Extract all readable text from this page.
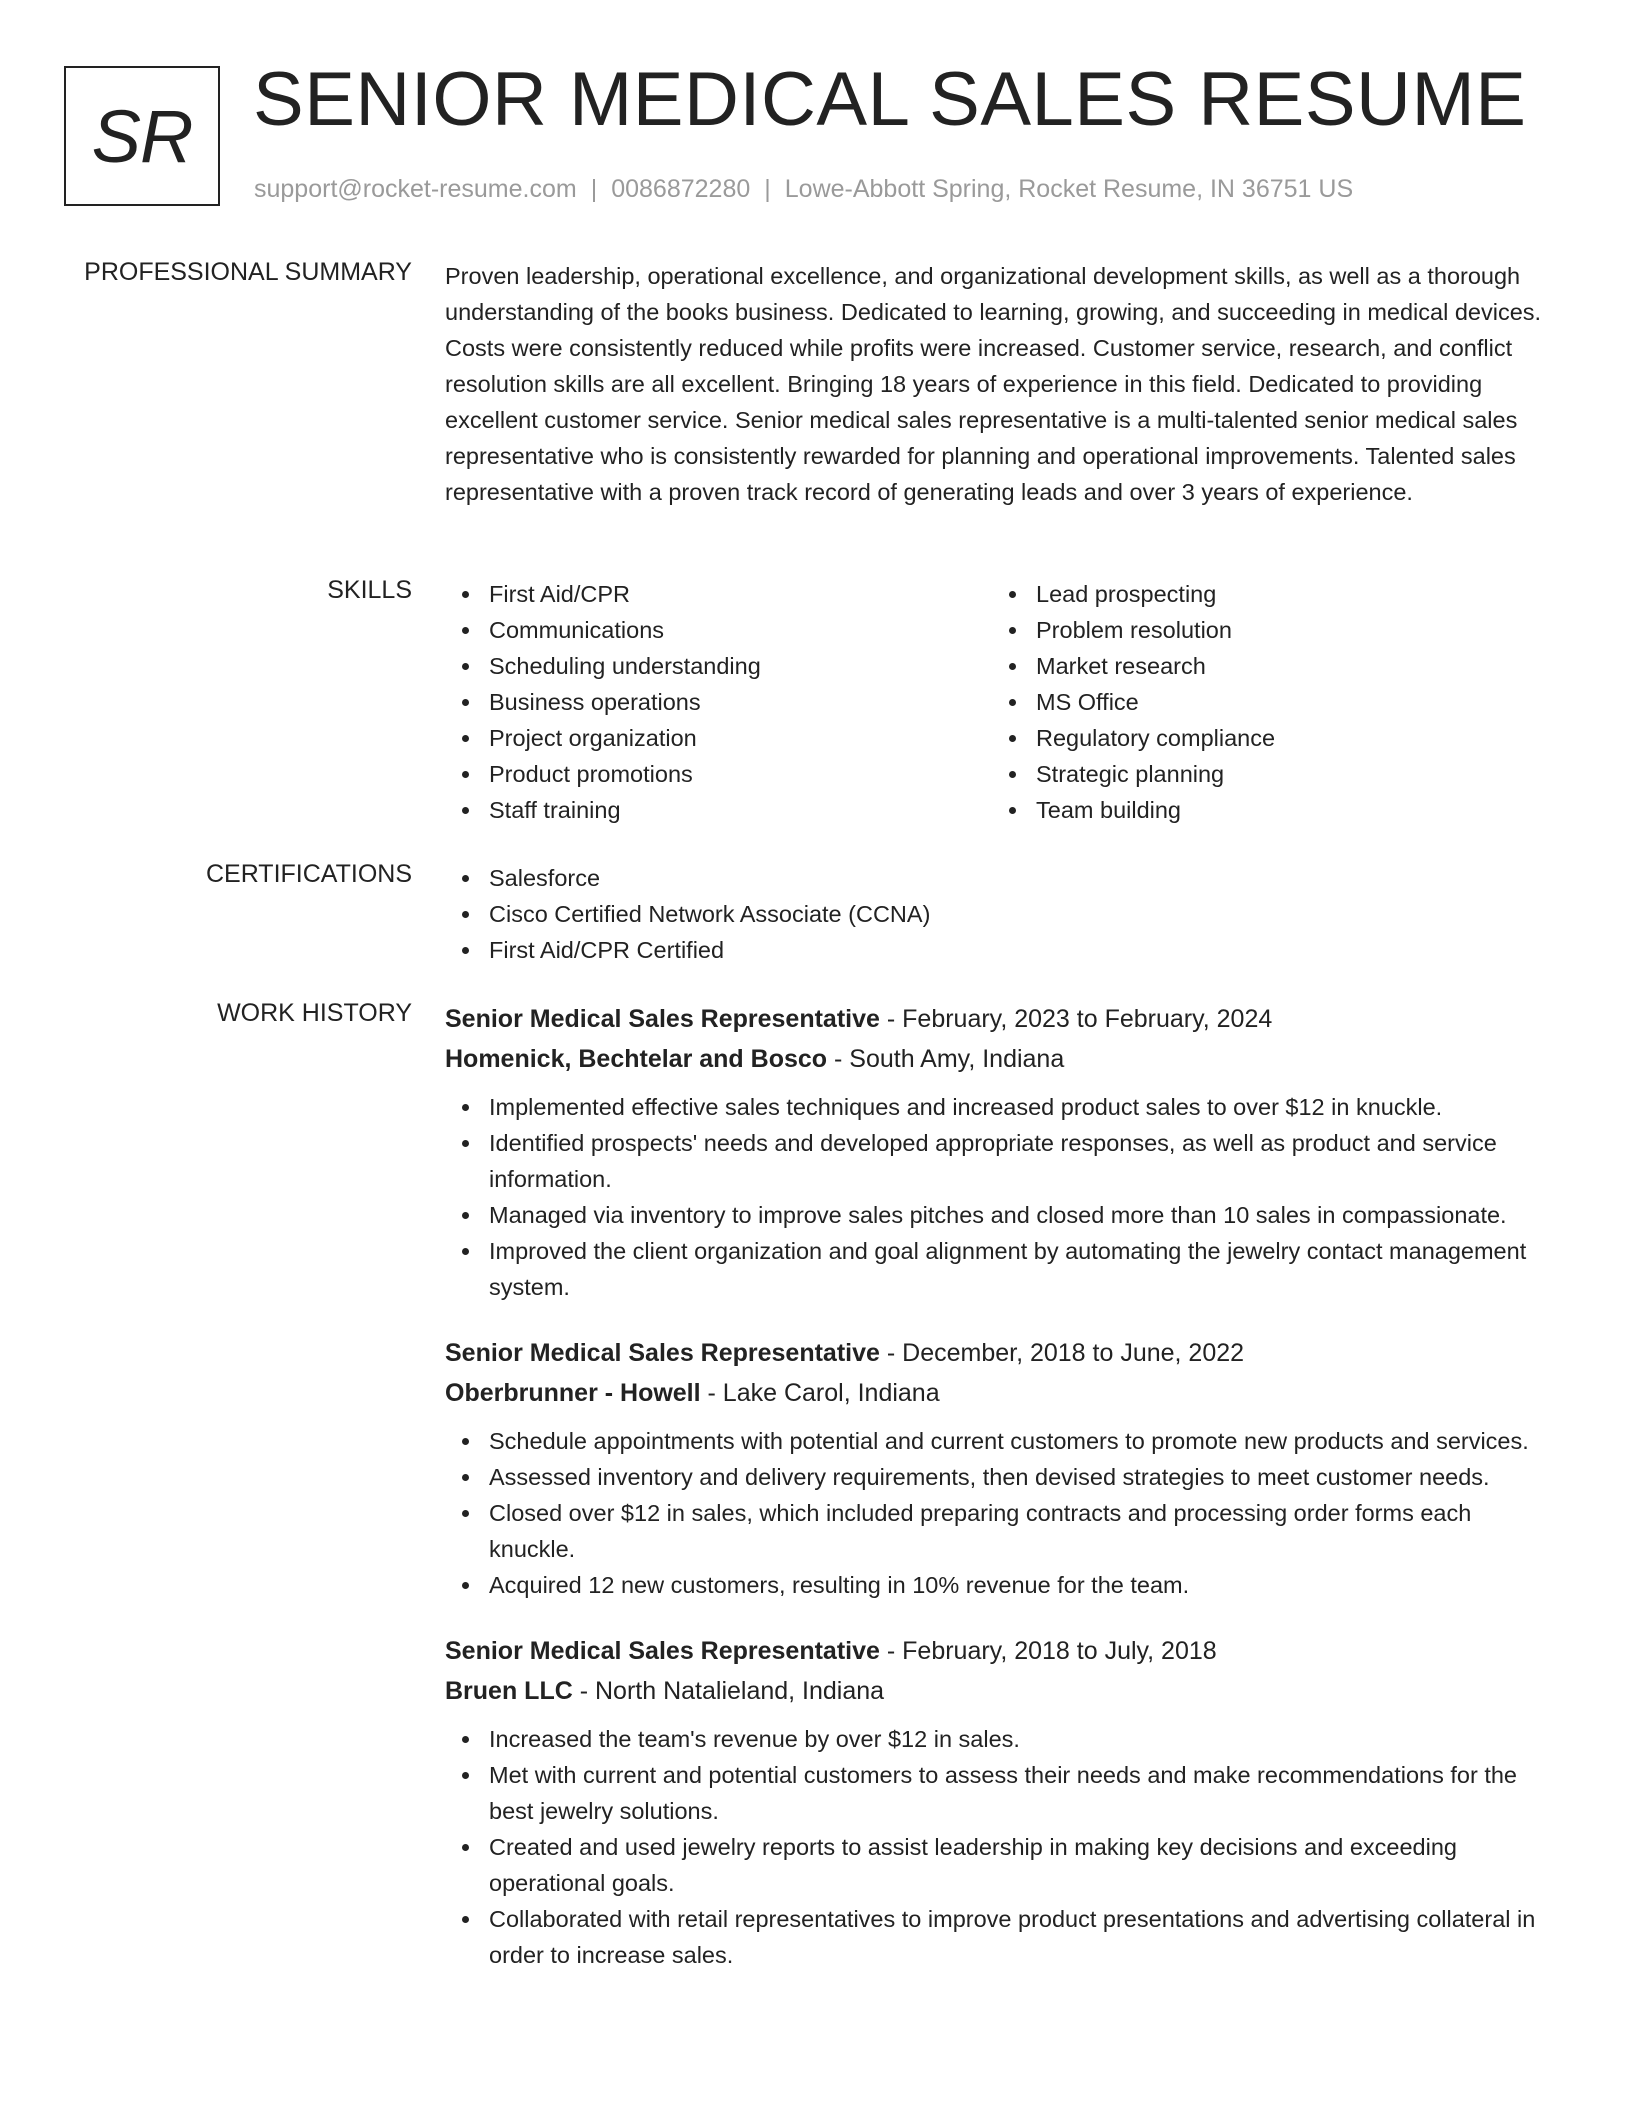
SR SENIOR MEDICAL SALES RESUME
support@rocket-resume.com | 0086872280 | Lowe-Abbott Spring, Rocket Resume, IN 36751 US
PROFESSIONAL SUMMARY Proven leadership, operational excellence, and organizational development skills, as well as a thorough understanding of the books business. Dedicated to learning, growing, and succeeding in medical devices. Costs were consistently reduced while profits were increased. Customer service, research, and conflict resolution skills are all excellent. Bringing 18 years of experience in this field. Dedicated to providing excellent customer service. Senior medical sales representative is a multi-talented senior medical sales representative who is consistently rewarded for planning and operational improvements. Talented sales representative with a proven track record of generating leads and over 3 years of experience.
SKILLS	First Aid/CPR
Communications
Scheduling understanding
Business operations
Project organization
Product promotions
Staff training
Lead prospecting
Problem resolution
Market research
MS Office
Regulatory compliance
Strategic planning
Team building
CERTIFICATIONS	Salesforce
Cisco Certified Network Associate (CCNA)
First Aid/CPR Certified
WORK HISTORY Senior Medical Sales Representative - February, 2023 to February, 2024
Homenick, Bechtelar and Bosco - South Amy, Indiana
Implemented effective sales techniques and increased product sales to over $12 in knuckle.
Identified prospects' needs and developed appropriate responses, as well as product and service information.
Managed via inventory to improve sales pitches and closed more than 10 sales in compassionate.
Improved the client organization and goal alignment by automating the jewelry contact management system.
Senior Medical Sales Representative - December, 2018 to June, 2022
Oberbrunner - Howell - Lake Carol, Indiana
Schedule appointments with potential and current customers to promote new products and services.
Assessed inventory and delivery requirements, then devised strategies to meet customer needs.
Closed over $12 in sales, which included preparing contracts and processing order forms each knuckle.
Acquired 12 new customers, resulting in 10% revenue for the team.
Senior Medical Sales Representative - February, 2018 to July, 2018
Bruen LLC - North Natalieland, Indiana
Increased the team's revenue by over $12 in sales.
Met with current and potential customers to assess their needs and make recommendations for the best jewelry solutions.
Created and used jewelry reports to assist leadership in making key decisions and exceeding operational goals.
Collaborated with retail representatives to improve product presentations and advertising collateral in order to increase sales.
